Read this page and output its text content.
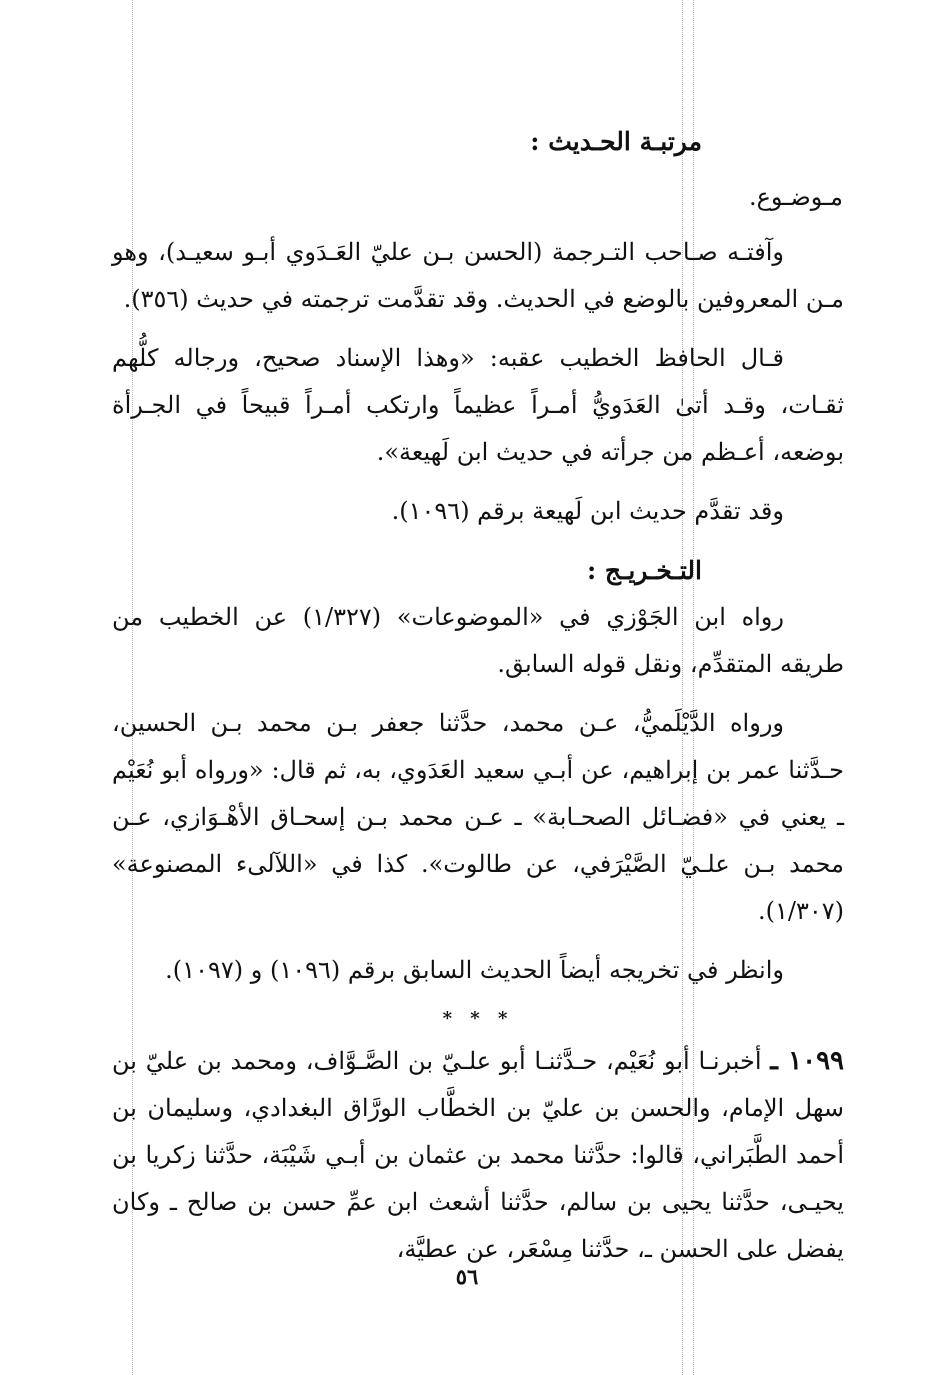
مرتبـة الحـديث :

مـوضـوع.

وآفتـه صـاحب التـرجمة (الحسن بـن عليّ العَـدَوي أبـو سعيـد)، وهو مـن المعروفين بالوضع في الحديث. وقد تقدَّمت ترجمته في حديث (٣٥٦).

قـال الحافظ الخطيب عقبه: «وهذا الإسناد صحيح، ورجاله كلُّهم ثقـات، وقـد أتىٰ العَدَويُّ أمـراً عظيماً وارتكب أمـراً قبيحاً في الجـرأة بوضعه، أعـظم من جرأته في حديث ابن لَهيعة».

وقد تقدَّم حديث ابن لَهيعة برقم (١٠٩٦).

التـخـريـج :

رواه ابن الجَوْزي في «الموضوعات» (١/٣٢٧) عن الخطيب من طريقه المتقدِّم، ونقل قوله السابق.

ورواه الدَّيْلَميُّ، عـن محمد، حدَّثنا جعفر بـن محمد بـن الحسين، حـدَّثنا عمر بن إبراهيم، عن أبـي سعيد العَدَوي، به، ثم قال: «ورواه أبو نُعَيْم ـ يعني في «فضـائل الصحـابة» ـ عـن محمد بـن إسحـاق الأهْـوَازي، عـن محمد بـن علـيّ الصَّيْرَفي، عن طالوت». كذا في «اللآلىء المصنوعة» (١/٣٠٧).

وانظر في تخريجه أيضاً الحديث السابق برقم (١٠٩٦) و (١٠٩٧).

* * *

١٠٩٩ ـ أخبرنـا أبو نُعَيْم، حـدَّثنـا أبو علـيّ بن الصَّـوَّاف، ومحمد بن عليّ بن سهل الإمام، والحسن بن عليّ بن الخطَّاب الورَّاق البغدادي، وسليمان بن أحمد الطَّبَراني، قالوا: حدَّثنا محمد بن عثمان بن أبـي شَيْبَة، حدَّثنا زكريا بن يحيـى، حدَّثنا يحيى بن سالم، حدَّثنا أشعث ابن عمِّ حسن بن صالح ـ وكان يفضل على الحسن ـ، حدَّثنا مِسْعَر، عن عطيَّة،

٥٦
